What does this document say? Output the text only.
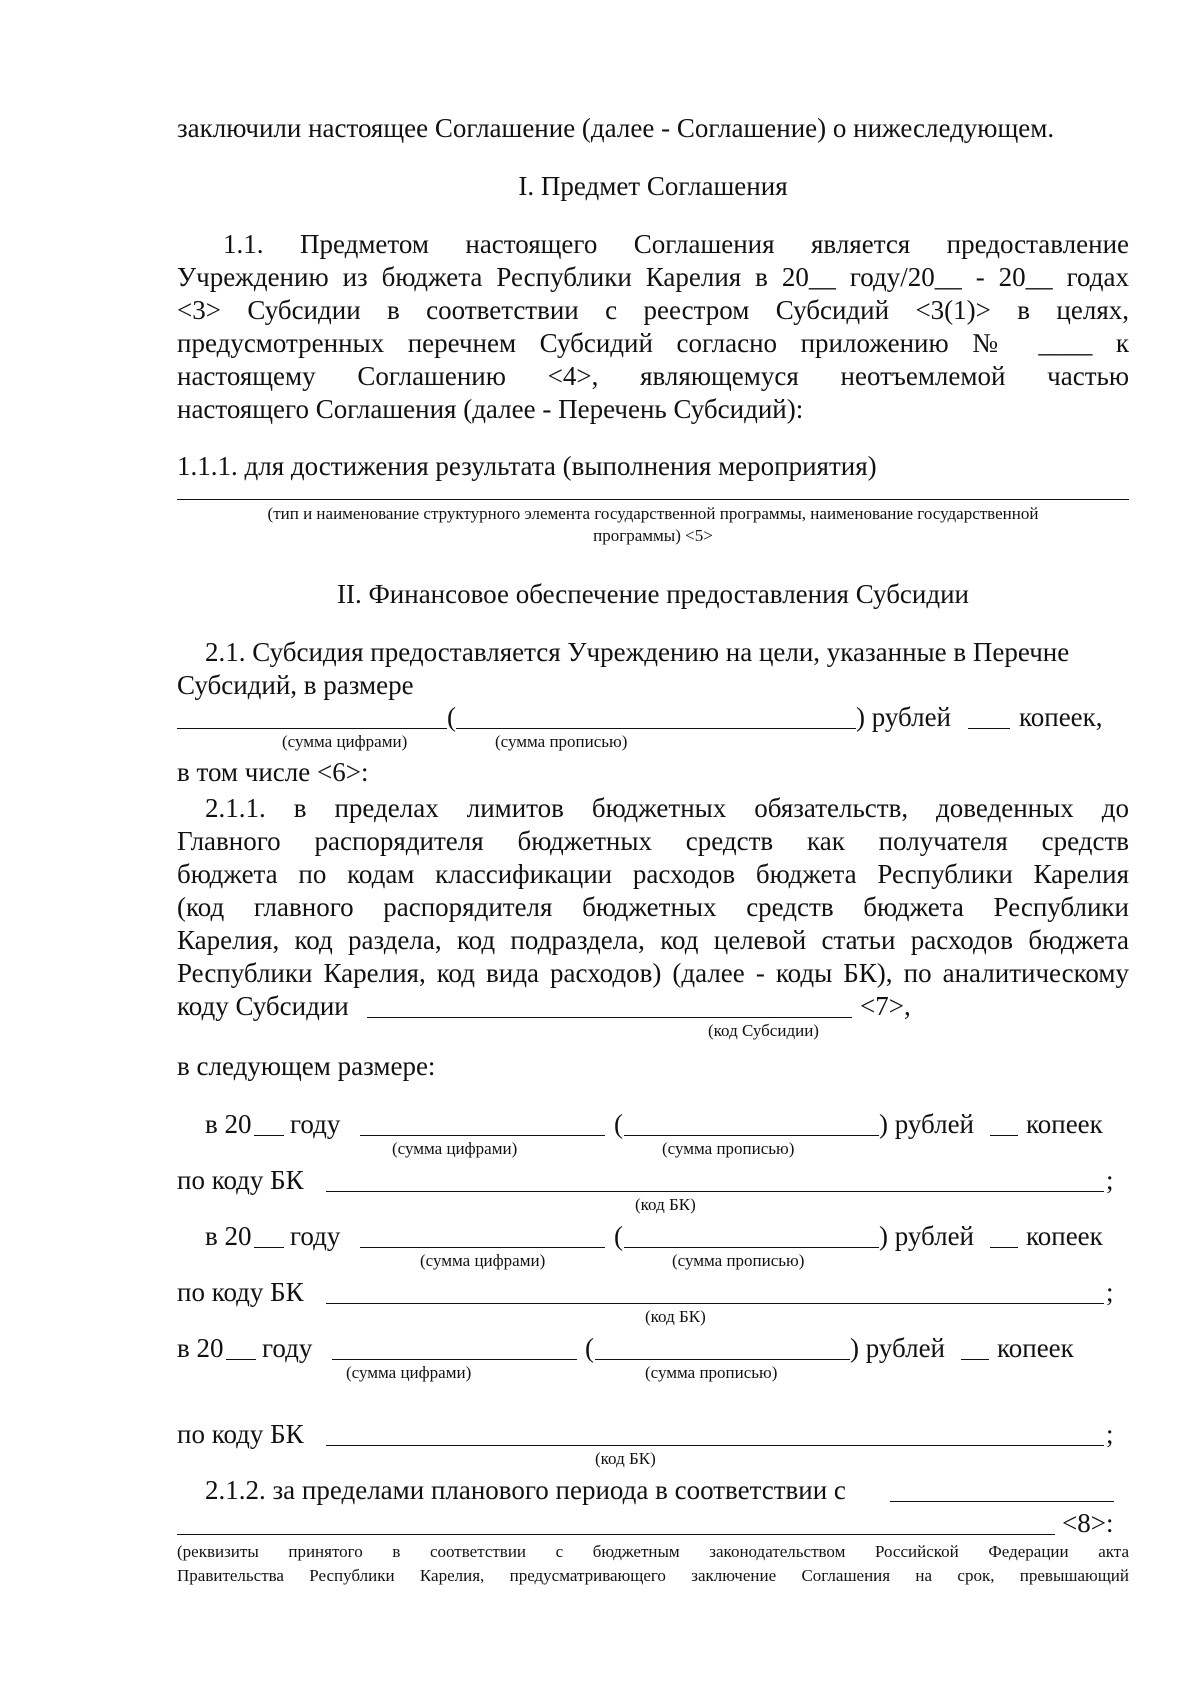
заключили настоящее Соглашение (далее - Соглашение) о нижеследующем.
I. Предмет Соглашения
1.1. Предметом настоящего Соглашения является предоставление
Учреждению из бюджета Республики Карелия в 20__ году/20__ - 20__ годах
<3> Субсидии в соответствии с реестром Субсидий <3(1)> в целях,
предусмотренных перечнем Субсидий согласно приложению № ____ к
настоящему Соглашению <4>, являющемуся неотъемлемой частью
настоящего Соглашения (далее - Перечень Субсидий):
1.1.1. для достижения результата (выполнения мероприятия)
(тип и наименование структурного элемента государственной программы, наименование государственной
программы) <5>
II. Финансовое обеспечение предоставления Субсидии
2.1. Субсидия предоставляется Учреждению на цели, указанные в Перечне
Субсидий, в размере
(	) рублей	копеек,
(сумма цифрами)	(сумма прописью)
в том числе <6>:
2.1.1. в пределах лимитов бюджетных обязательств, доведенных до
Главного распорядителя бюджетных средств как получателя средств
бюджета по кодам классификации расходов бюджета Республики Карелия
(код главного распорядителя бюджетных средств бюджета Республики
Карелия, код раздела, код подраздела, код целевой статьи расходов бюджета
Республики Карелия, код вида расходов) (далее - коды БК), по аналитическому
коду Субсидии	<7>,
(код Субсидии)
в следующем размере:
в 20 году	(	) рублей копеек
(сумма цифрами)	(сумма прописью)
по коду БК	;
(код БК)
в 20 году	(	) рублей копеек
(сумма цифрами)	(сумма прописью)
по коду БК	;
(код БК)
в 20 году	(	) рублей копеек
(сумма цифрами)	(сумма прописью)
по коду БК	;
(код БК)
2.1.2. за пределами планового периода в соответствии с
<8>:
(реквизиты принятого в соответствии с бюджетным законодательством Российской Федерации акта
Правительства Республики Карелия, предусматривающего заключение Соглашения на срок, превышающий
